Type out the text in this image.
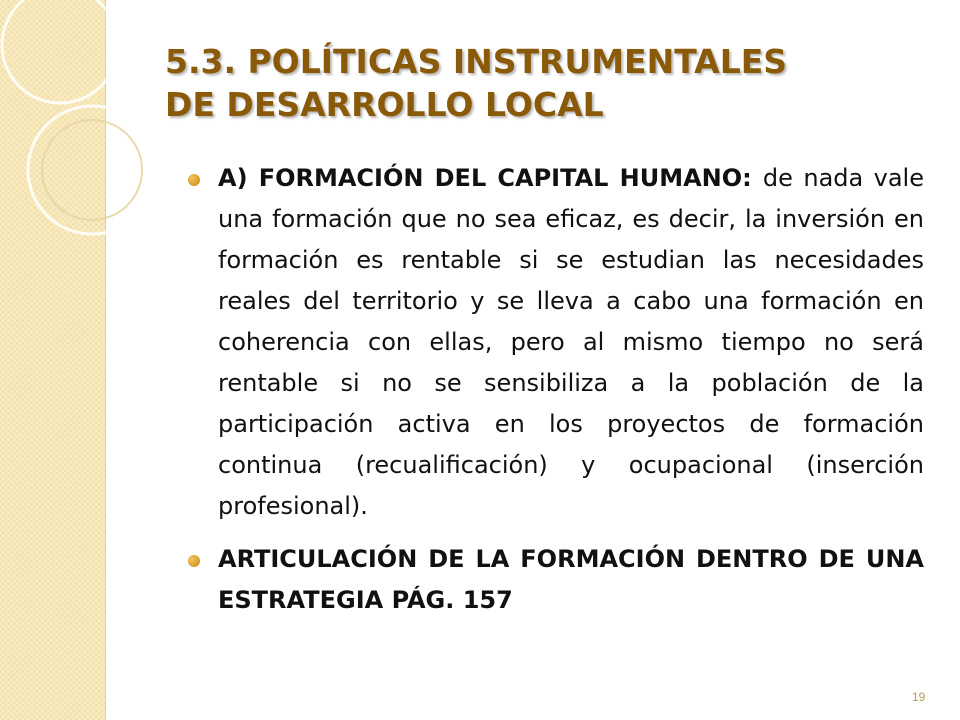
5.3. POLÍTICAS INSTRUMENTALES
DE DESARROLLO LOCAL
A) FORMACIÓN DEL CAPITAL HUMANO: de nada vale una formación que no sea eficaz, es decir, la inversión en formación es rentable si se estudian las necesidades reales del territorio y se lleva a cabo una formación en coherencia con ellas, pero al mismo tiempo no será rentable si no se sensibiliza a la población de la participación activa en los proyectos de formación continua (recualificación) y ocupacional (inserción profesional).
ARTICULACIÓN DE LA FORMACIÓN DENTRO DE UNA ESTRATEGIA PÁG. 157
19
